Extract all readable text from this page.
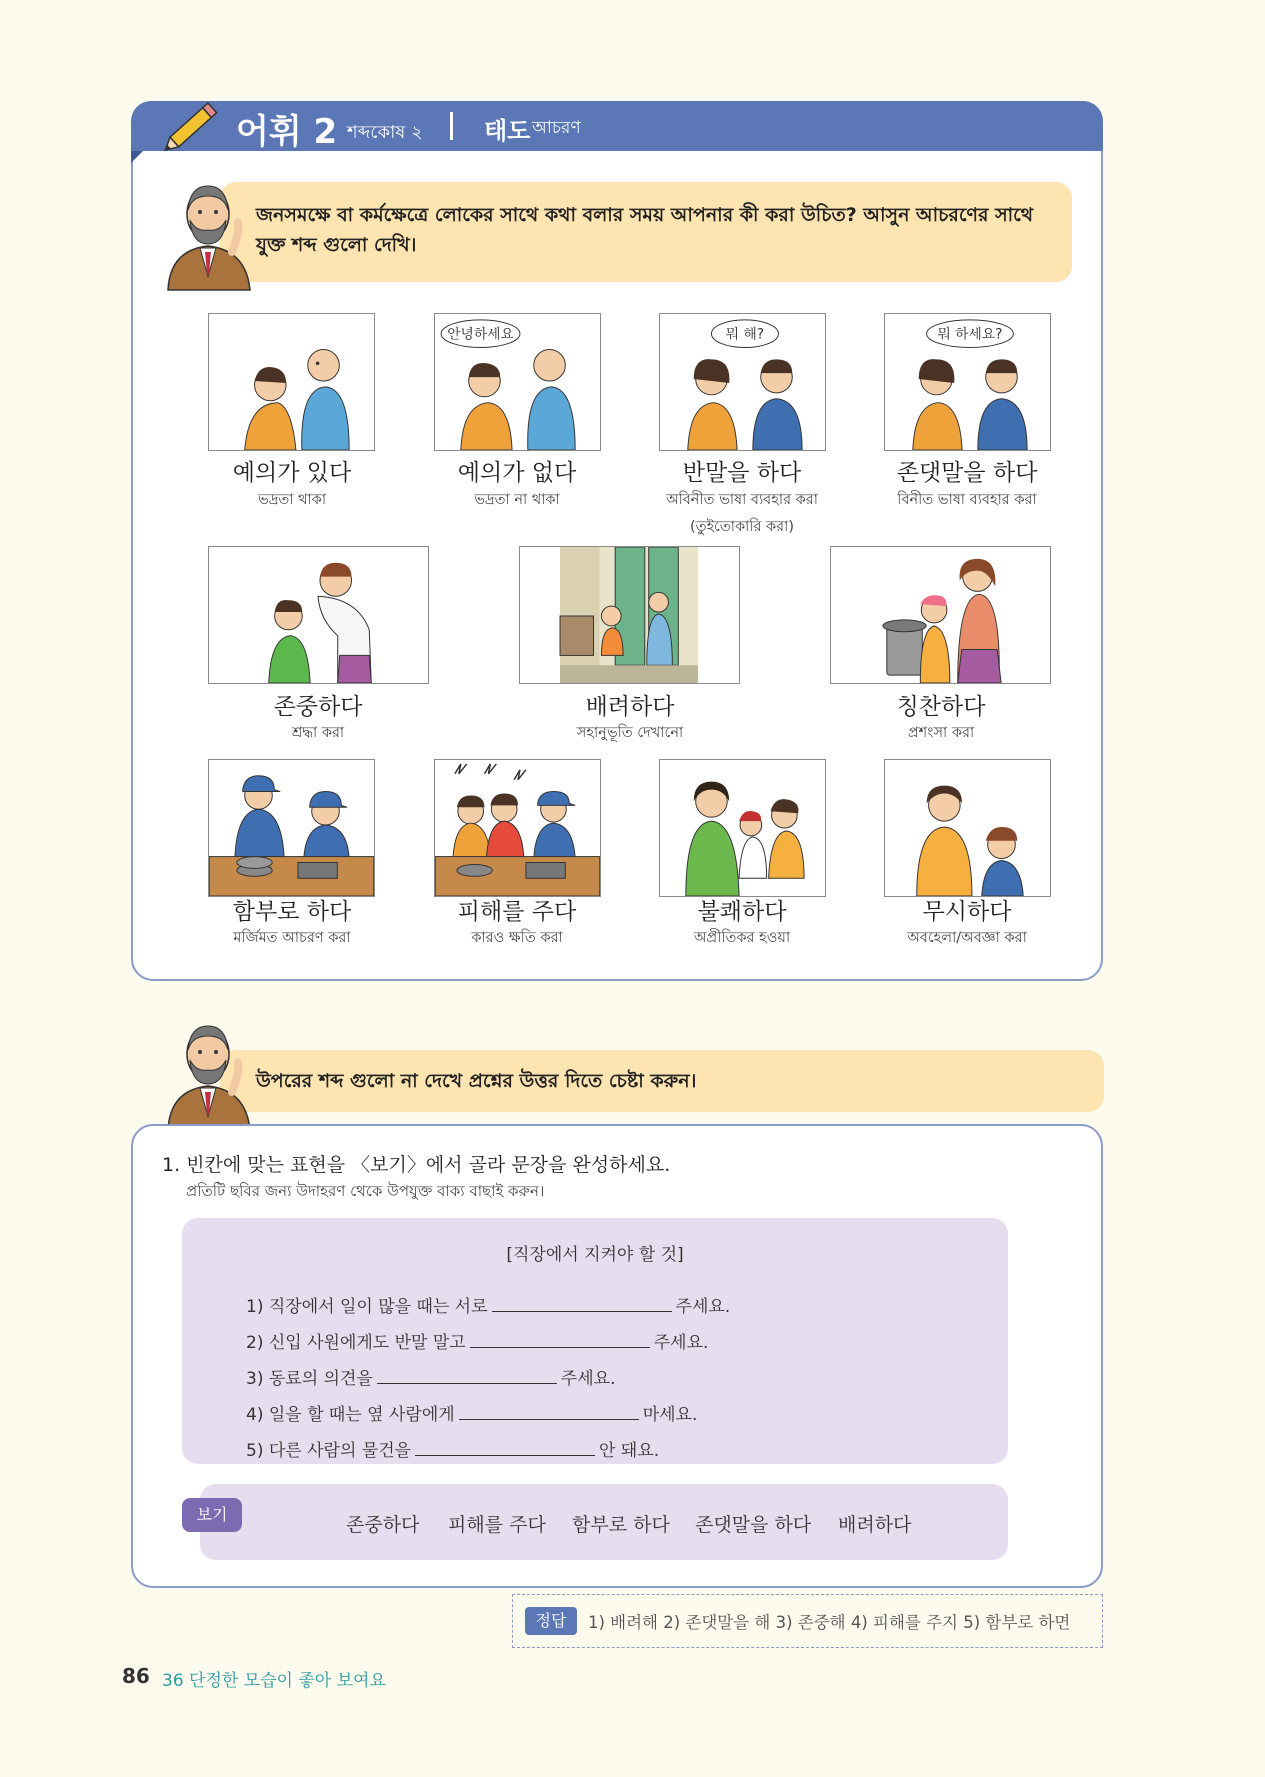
어휘 2 শব্দকোষ ২	태도 আচরণ
জনসমক্ষে বা কর্মক্ষেত্রে লোকের সাথে কথা বলার সময় আপনার কী করা উচিত? আসুন আচরণের সাথে যুক্ত শব্দ গুলো দেখি।
예의가 있다
ভদ্রতা থাকা
안녕하세요
예의가 없다
ভদ্রতা না থাকা
뭐 해?
반말을 하다
অবিনীত ভাষা ব্যবহার করা
(তুইতোকারি করা)
뭐 하세요?
존댓말을 하다
বিনীত ভাষা ব্যবহার করা
존중하다
শ্রদ্ধা করা
배려하다
সহানুভূতি দেখানো
칭찬하다
প্রশংসা করা
함부로 하다
মর্জিমত আচরণ করা
피해를 주다
কারও ক্ষতি করা
불쾌하다
অপ্রীতিকর হওয়া
무시하다
অবহেলা/অবজ্ঞা করা
উপরের শব্দ গুলো না দেখে প্রশ্নের উত্তর দিতে চেষ্টা করুন।
1. 빈칸에 맞는 표현을 〈보기〉에서 골라 문장을 완성하세요.
প্রতিটি ছবির জন্য উদাহরণ থেকে উপযুক্ত বাক্য বাছাই করুন।
[직장에서 지켜야 할 것]
1) 직장에서 일이 많을 때는 서로	주세요.
2) 신입 사원에게도 반말 말고	주세요.
3) 동료의 의견을	주세요.
4) 일을 할 때는 옆 사람에게	마세요.
5) 다른 사람의 물건을	안 돼요.
보기	존중하다 피해를 주다 함부로 하다 존댓말을 하다 배려하다
정답	1) 배려해 2) 존댓말을 해 3) 존중해 4) 피해를 주지 5) 함부로 하면
86 36 단정한 모습이 좋아 보여요
